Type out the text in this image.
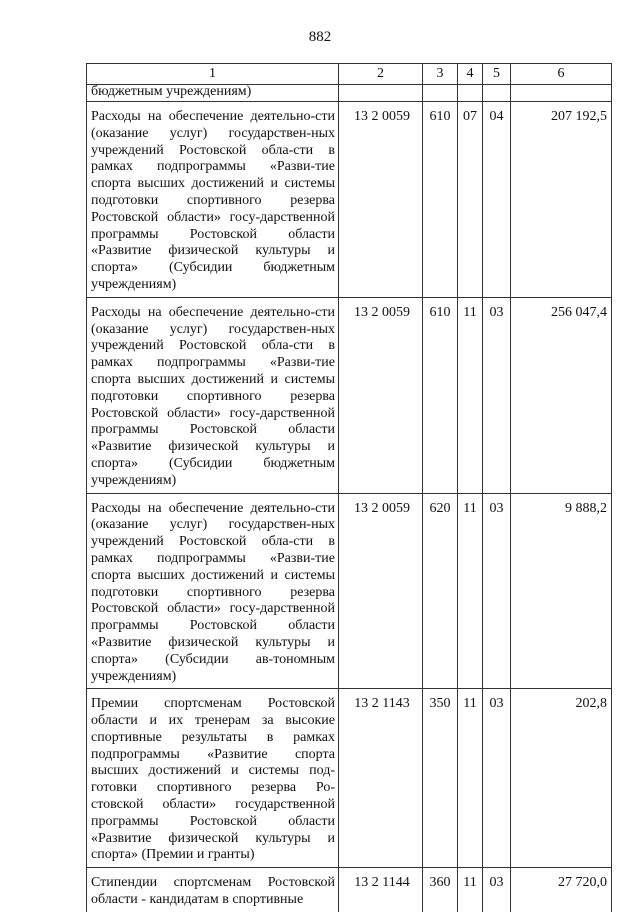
882
1	2	3	4	5	6
бюджетным учреждениям)					
Расходы на обеспечение деятельно-сти (оказание услуг) государствен-ных учреждений Ростовской обла-сти в рамках подпрограммы «Разви-тие спорта высших достижений и системы подготовки спортивного резерва Ростовской области» госу-дарственной программы Ростовской области «Развитие физической культуры и спорта» (Субсидии бюджетным учреждениям)	13 2 0059	610	07	04	207 192,5
Расходы на обеспечение деятельно-сти (оказание услуг) государствен-ных учреждений Ростовской обла-сти в рамках подпрограммы «Разви-тие спорта высших достижений и системы подготовки спортивного резерва Ростовской области» госу-дарственной программы Ростовской области «Развитие физической культуры и спорта» (Субсидии бюджетным учреждениям)	13 2 0059	610	11	03	256 047,4
Расходы на обеспечение деятельно-сти (оказание услуг) государствен-ных учреждений Ростовской обла-сти в рамках подпрограммы «Разви-тие спорта высших достижений и системы подготовки спортивного резерва Ростовской области» госу-дарственной программы Ростовской области «Развитие физической культуры и спорта» (Субсидии ав-тономным учреждениям)	13 2 0059	620	11	03	9 888,2
Премии спортсменам Ростовской области и их тренерам за высокие спортивные результаты в рамках подпрограммы «Развитие спорта высших достижений и системы под-готовки спортивного резерва Ро-стовской области» государственной программы Ростовской области «Развитие физической культуры и спорта» (Премии и гранты)	13 2 1143	350	11	03	202,8
Стипендии спортсменам Ростовской области - кандидатам в спортивные	13 2 1144	360	11	03	27 720,0
